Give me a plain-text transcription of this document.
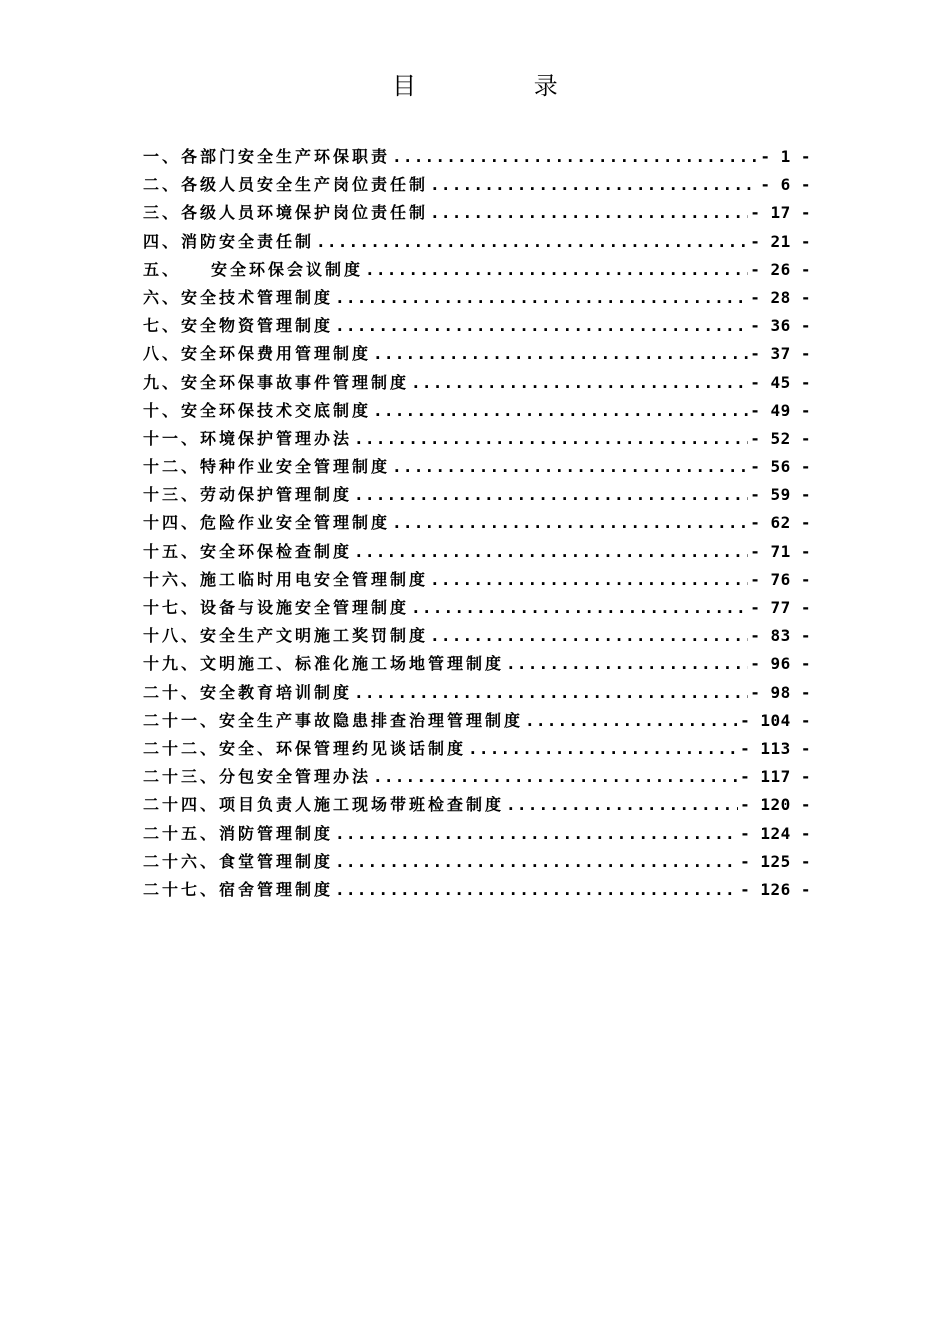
目 录
一、 各部门安全生产环保职责 .....	- 1 -
二、 各级人员安全生产岗位责任制 .....	- 6 -
三、 各级人员环境保护岗位责任制 .....	- 17 -
四、 消防安全责任制 .....	- 21 -
五、 安全环保会议制度 .....	- 26 -
六、 安全技术管理制度 .....	- 28 -
七、 安全物资管理制度 .....	- 36 -
八、 安全环保费用管理制度 .....	- 37 -
九、 安全环保事故事件管理制度 .....	- 45 -
十、 安全环保技术交底制度 .....	- 49 -
十一、 环境保护管理办法 .....	- 52 -
十二、 特种作业安全管理制度 .....	- 56 -
十三、 劳动保护管理制度 .....	- 59 -
十四、 危险作业安全管理制度 .....	- 62 -
十五、 安全环保检查制度 .....	- 71 -
十六、 施工临时用电安全管理制度 .....	- 76 -
十七、 设备与设施安全管理制度 .....	- 77 -
十八、 安全生产文明施工奖罚制度 .....	- 83 -
十九、 文明施工、标准化施工场地管理制度 .....	- 96 -
二十、 安全教育培训制度 .....	- 98 -
二十一、 安全生产事故隐患排查治理管理制度 .....	- 104 -
二十二、 安全、环保管理约见谈话制度 .....	- 113 -
二十三、 分包安全管理办法 .....	- 117 -
二十四、 项目负责人施工现场带班检查制度 .....	- 120 -
二十五、 消防管理制度 .....	- 124 -
二十六、 食堂管理制度 .....	- 125 -
二十七、 宿舍管理制度 .....	- 126 -
